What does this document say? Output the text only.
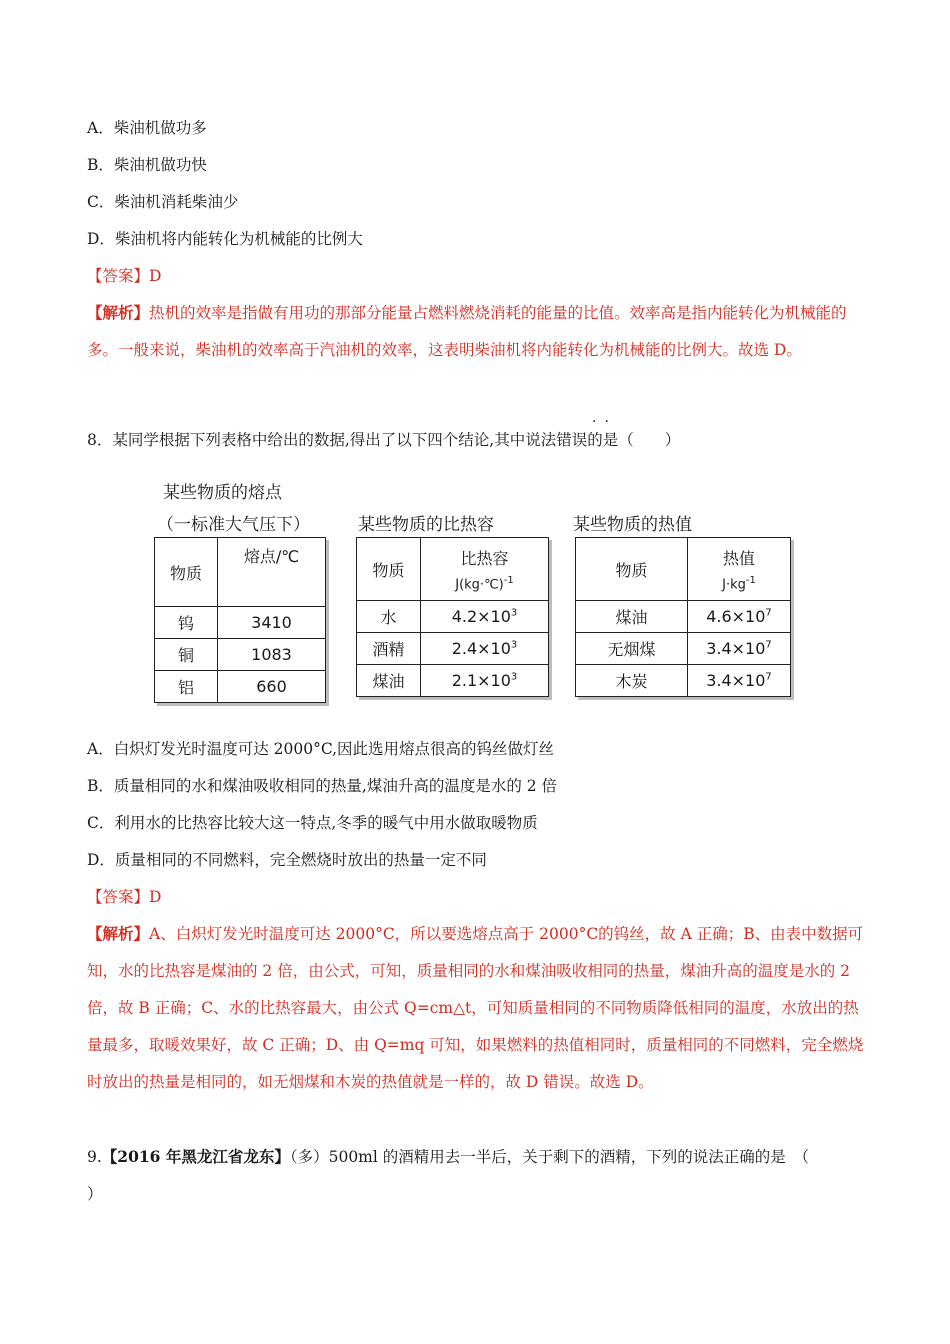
A．柴油机做功多
B．柴油机做功快
C．柴油机消耗柴油少
D．柴油机将内能转化为机械能的比例大
【答案】D
【解析】热机的效率是指做有用功的那部分能量占燃料燃烧消耗的能量的比值。效率高是指内能转化为机械能的多。一般来说，柴油机的效率高于汽油机的效率，这表明柴油机将内能转化为机械能的比例大。故选 D。
··
8．某同学根据下列表格中给出的数据,得出了以下四个结论,其中说法错误的是（　　）
某些物质的熔点
（一标准大气压下）	某些物质的比热容	某些物质的热值
物质	熔点/℃
钨	3410
铜	1083
铝	660
物质	比热容
J(kg·℃)$^{-1}$

水	$4.2\times 10^3$
酒精	$2.4\times 10^3$
煤油	$2.1\times 10^3$
物质	热值
$J\cdot kg^{-1}$

煤油	$4.6\times 10^7$
无烟煤	$3.4\times 10^7$
木炭	$3.4\times 10^7$
A．白炽灯发光时温度可达 2000°C,因此选用熔点很高的钨丝做灯丝
B．质量相同的水和煤油吸收相同的热量,煤油升高的温度是水的 2 倍
C．利用水的比热容比较大这一特点,冬季的暖气中用水做取暖物质
D．质量相同的不同燃料，完全燃烧时放出的热量一定不同
【答案】D
【解析】A、白炽灯发光时温度可达 2000°C，所以要选熔点高于 2000°C的钨丝，故 A 正确；B、由表中数据可知，水的比热容是煤油的 2 倍，由公式，可知，质量相同的水和煤油吸收相同的热量，煤油升高的温度是水的 2 倍，故 B 正确；C、水的比热容最大，由公式 Q=cm△t，可知质量相同的不同物质降低相同的温度，水放出的热量最多，取暖效果好，故 C 正确；D、由 Q=mq 可知，如果燃料的热值相同时，质量相同的不同燃料，完全燃烧时放出的热量是相同的，如无烟煤和木炭的热值就是一样的，故 D 错误。故选 D。
9.【2016 年黑龙江省龙东】（多）500ml 的酒精用去一半后，关于剩下的酒精，下列的说法正确的是　（
）
